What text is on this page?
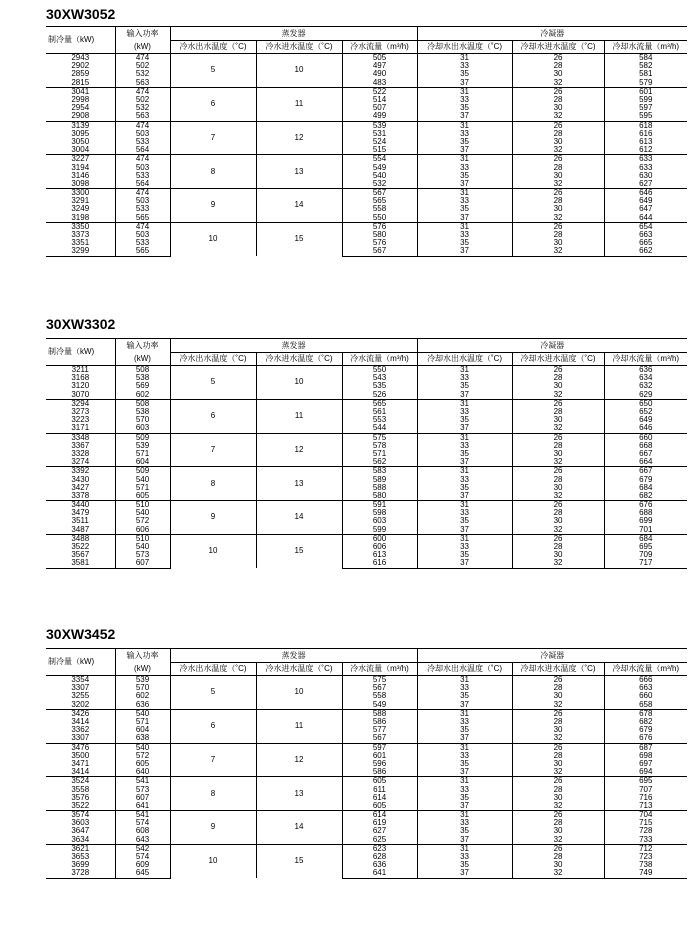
30XW3052
制冷量（kW)	输入功率	蒸发器			冷凝器		
	(kW)	冷水出水温度（˚C)	冷水进水温度（˚C)	冷水流量（m³/h)	冷却水出水温度（˚C)	冷却水进水温度（˚C)	冷却水流量（m³/h)
2943	474	5	10	505	31	26	584
2902	502			497	33	28	582
2859	532			490	35	30	581
2815	563			483	37	32	579
3041	474	6	11	522	31	26	601
2998	502			514	33	28	599
2954	532			507	35	30	597
2908	563			499	37	32	595
3139	474	7	12	539	31	26	618
3095	503			531	33	28	616
3050	533			524	35	30	613
3004	564			515	37	32	612
3227	474	8	13	554	31	26	633
3194	503			549	33	28	633
3146	533			540	35	30	630
3098	564			532	37	32	627
3300	474	9	14	567	31	26	646
3291	503			565	33	28	649
3249	533			558	35	30	647
3198	565			550	37	32	644
3350	474	10	15	576	31	26	654
3373	503			580	33	28	663
3351	533			576	35	30	665
3299	565			567	37	32	662
30XW3302
制冷量（kW)	输入功率	蒸发器			冷凝器		
	(kW)	冷水出水温度（˚C)	冷水进水温度（˚C)	冷水流量（m³/h)	冷却水出水温度（˚C)	冷却水进水温度（˚C)	冷却水流量（m³/h)
3211	508	5	10	550	31	26	636
3168	538			543	33	28	634
3120	569			535	35	30	632
3070	602			526	37	32	629
3294	508	6	11	565	31	26	650
3273	538			561	33	28	652
3223	570			553	35	30	649
3171	603			544	37	32	646
3348	509	7	12	575	31	26	660
3367	539			578	33	28	668
3328	571			571	35	30	667
3274	604			562	37	32	664
3392	509	8	13	583	31	26	667
3430	540			589	33	28	679
3427	571			588	35	30	684
3378	605			580	37	32	682
3440	510	9	14	591	31	26	676
3479	540			598	33	28	688
3511	572			603	35	30	699
3487	606			599	37	32	701
3488	510	10	15	600	31	26	684
3522	540			606	33	28	695
3567	573			613	35	30	709
3581	607			616	37	32	717
30XW3452
制冷量（kW)	输入功率	蒸发器			冷凝器		
	(kW)	冷水出水温度（˚C)	冷水进水温度（˚C)	冷水流量（m³/h)	冷却水出水温度（˚C)	冷却水进水温度（˚C)	冷却水流量（m³/h)
3354	539	5	10	575	31	26	666
3307	570			567	33	28	663
3255	602			558	35	30	660
3202	636			549	37	32	658
3426	540	6	11	588	31	26	678
3414	571			586	33	28	682
3362	604			577	35	30	679
3307	638			567	37	32	676
3476	540	7	12	597	31	26	687
3500	572			601	33	28	698
3471	605			596	35	30	697
3414	640			586	37	32	694
3524	541	8	13	605	31	26	695
3558	573			611	33	28	707
3576	607			614	35	30	716
3522	641			605	37	32	713
3574	541	9	14	614	31	26	704
3603	574			619	33	28	715
3647	608			627	35	30	728
3634	643			625	37	32	733
3621	542	10	15	623	31	26	712
3653	574			628	33	28	723
3699	609			636	35	30	738
3728	645			641	37	32	749
